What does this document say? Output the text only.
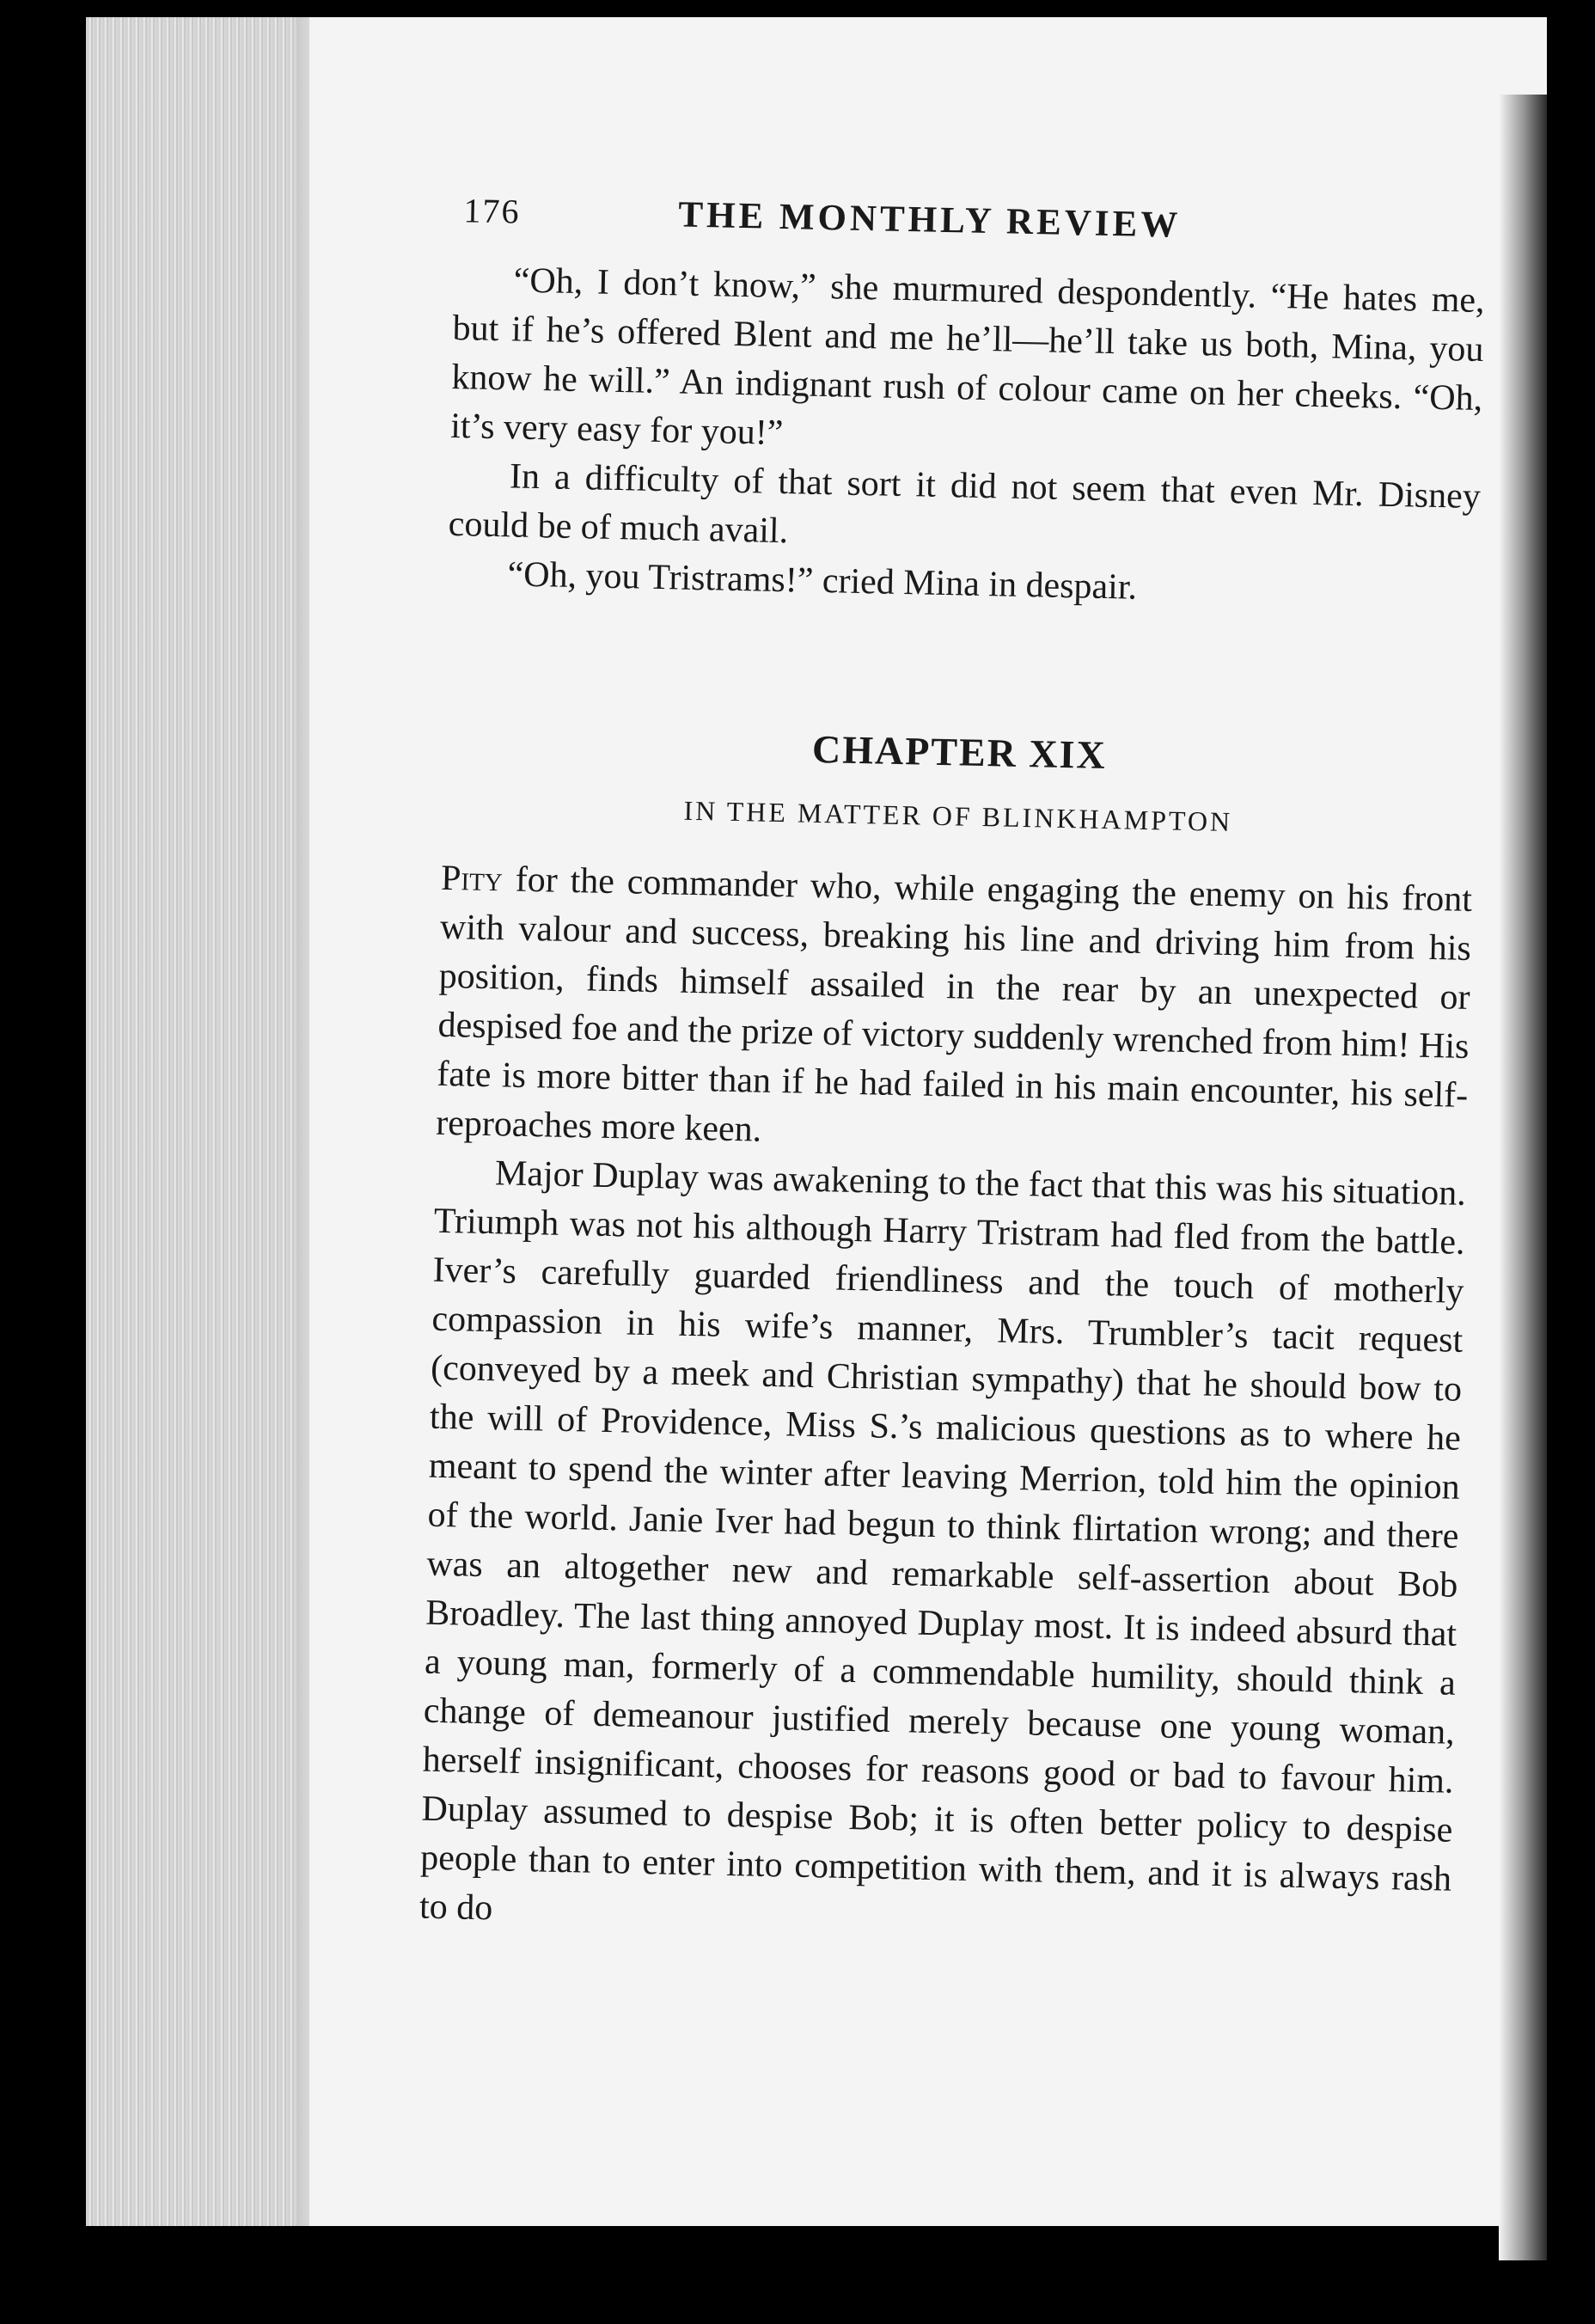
176	THE MONTHLY REVIEW

“Oh, I don’t know,” she murmured despondently. “He hates me, but if he’s offered Blent and me he’ll—he’ll take us both, Mina, you know he will.” An indignant rush of colour came on her cheeks. “Oh, it’s very easy for you!”

In a difficulty of that sort it did not seem that even Mr. Disney could be of much avail.

“Oh, you Tristrams!” cried Mina in despair.

CHAPTER XIX
IN THE MATTER OF BLINKHAMPTON

Pity for the commander who, while engaging the enemy on his front with valour and success, breaking his line and driving him from his position, finds himself assailed in the rear by an unexpected or despised foe and the prize of victory suddenly wrenched from him! His fate is more bitter than if he had failed in his main encounter, his self-reproaches more keen.

Major Duplay was awakening to the fact that this was his situation. Triumph was not his although Harry Tristram had fled from the battle. Iver’s carefully guarded friendliness and the touch of motherly compassion in his wife’s manner, Mrs. Trumbler’s tacit request (conveyed by a meek and Christian sympathy) that he should bow to the will of Providence, Miss S.’s malicious questions as to where he meant to spend the winter after leaving Merrion, told him the opinion of the world. Janie Iver had begun to think flirtation wrong; and there was an altogether new and remarkable self-assertion about Bob Broadley. The last thing annoyed Duplay most. It is indeed absurd that a young man, formerly of a commendable humility, should think a change of demeanour justified merely because one young woman, herself insignificant, chooses for reasons good or bad to favour him. Duplay assumed to despise Bob; it is often better policy to despise people than to enter into competition with them, and it is always rash to do
